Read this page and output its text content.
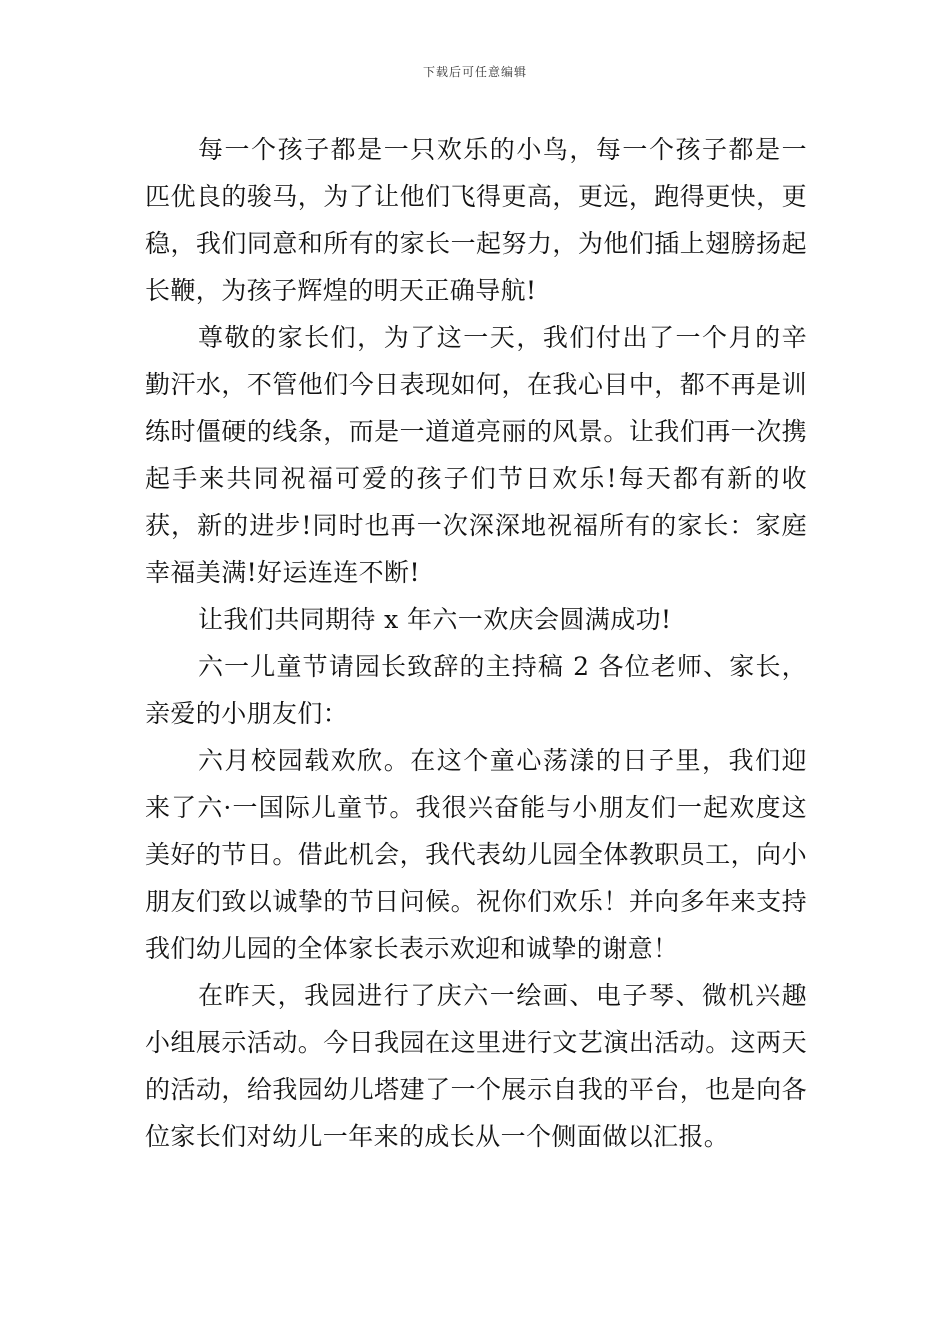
下载后可任意编辑

每一个孩子都是一只欢乐的小鸟，每一个孩子都是一匹优良的骏马，为了让他们飞得更高，更远，跑得更快，更稳，我们同意和所有的家长一起努力，为他们插上翅膀扬起长鞭，为孩子辉煌的明天正确导航!

尊敬的家长们，为了这一天，我们付出了一个月的辛勤汗水，不管他们今日表现如何，在我心目中，都不再是训练时僵硬的线条，而是一道道亮丽的风景。让我们再一次携起手来共同祝福可爱的孩子们节日欢乐!每天都有新的收获，新的进步!同时也再一次深深地祝福所有的家长：家庭幸福美满!好运连连不断!

让我们共同期待 x 年六一欢庆会圆满成功!

六一儿童节请园长致辞的主持稿 2 各位老师、家长，亲爱的小朋友们：

六月校园载欢欣。在这个童心荡漾的日子里，我们迎来了六·一国际儿童节。我很兴奋能与小朋友们一起欢度这美好的节日。借此机会，我代表幼儿园全体教职员工，向小朋友们致以诚挚的节日问候。祝你们欢乐！并向多年来支持我们幼儿园的全体家长表示欢迎和诚挚的谢意！

在昨天，我园进行了庆六一绘画、电子琴、微机兴趣小组展示活动。今日我园在这里进行文艺演出活动。这两天的活动，给我园幼儿塔建了一个展示自我的平台，也是向各位家长们对幼儿一年来的成长从一个侧面做以汇报。
